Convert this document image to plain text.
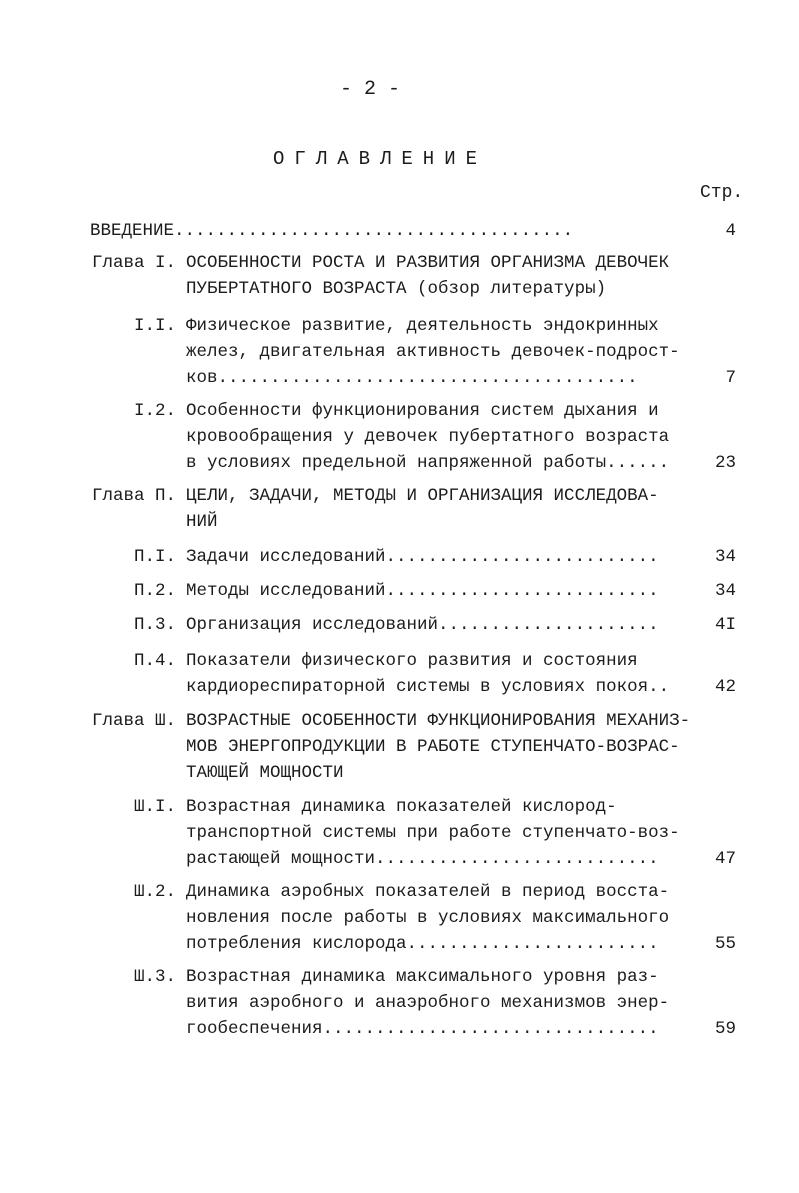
- 2 -
ОГЛАВЛЕНИЕ
Стр.
ВВЕДЕНИЕ......................................	4
Глава I. ОСОБЕННОСТИ РОСТА И РАЗВИТИЯ ОРГАНИЗМА ДЕВОЧЕК
ПУБЕРТАТНОГО ВОЗРАСТА (обзор литературы)
I.I. Физическое развитие, деятельность эндокринных
желез, двигательная активность девочек-подрост-
ков........................................	7
I.2. Особенности функционирования систем дыхания и
кровообращения у девочек пубертатного возраста
в условиях предельной напряженной работы......	23
Глава П. ЦЕЛИ, ЗАДАЧИ, МЕТОДЫ И ОРГАНИЗАЦИЯ ИССЛЕДОВА-
НИЙ
П.I. Задачи исследований..........................	34
П.2. Методы исследований..........................	34
П.3. Организация исследований.....................	4I
П.4. Показатели физического развития и состояния
кардиореспираторной системы в условиях покоя..	42
Глава Ш. ВОЗРАСТНЫЕ ОСОБЕННОСТИ ФУНКЦИОНИРОВАНИЯ МЕХАНИЗ-
МОВ ЭНЕРГОПРОДУКЦИИ В РАБОТЕ СТУПЕНЧАТО-ВОЗРАС-
ТАЮЩЕЙ МОЩНОСТИ
Ш.I. Возрастная динамика показателей кислород-
транспортной системы при работе ступенчато-воз-
растающей мощности...........................	47
Ш.2. Динамика аэробных показателей в период восста-
новления после работы в условиях максимального
потребления кислорода........................	55
Ш.3. Возрастная динамика максимального уровня раз-
вития аэробного и анаэробного механизмов энер-
гообеспечения................................	59
